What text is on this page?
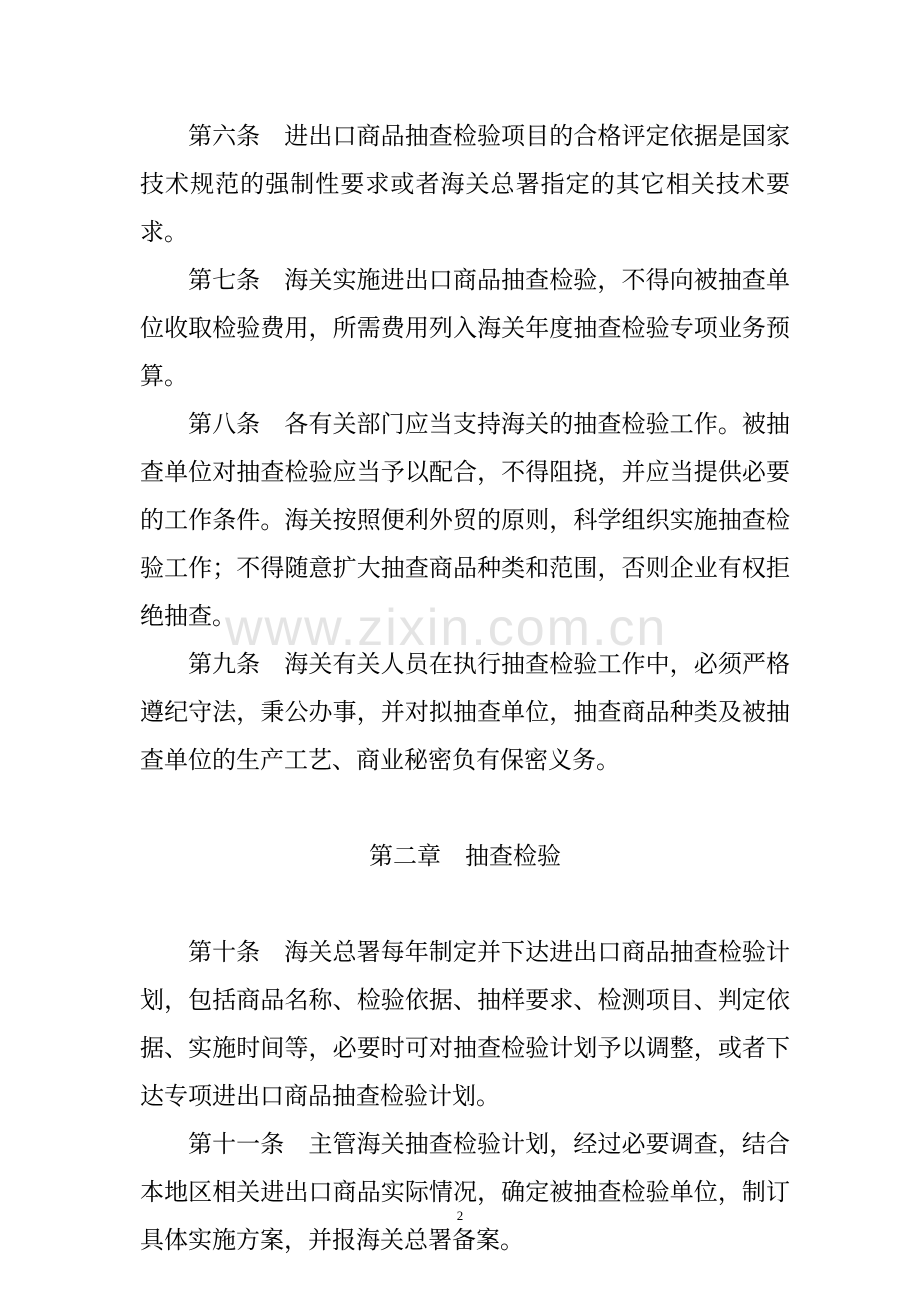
www.zixin.com.cn

第六条 进出口商品抽查检验项目的合格评定依据是国家技术规范的强制性要求或者海关总署指定的其它相关技术要求。

第七条 海关实施进出口商品抽查检验，不得向被抽查单位收取检验费用，所需费用列入海关年度抽查检验专项业务预算。

第八条 各有关部门应当支持海关的抽查检验工作。被抽查单位对抽查检验应当予以配合，不得阻挠，并应当提供必要的工作条件。海关按照便利外贸的原则，科学组织实施抽查检验工作；不得随意扩大抽查商品种类和范围，否则企业有权拒绝抽查。

第九条 海关有关人员在执行抽查检验工作中，必须严格遵纪守法，秉公办事，并对拟抽查单位，抽查商品种类及被抽查单位的生产工艺、商业秘密负有保密义务。

第二章 抽查检验

第十条 海关总署每年制定并下达进出口商品抽查检验计划，包括商品名称、检验依据、抽样要求、检测项目、判定依据、实施时间等，必要时可对抽查检验计划予以调整，或者下达专项进出口商品抽查检验计划。

第十一条 主管海关抽查检验计划，经过必要调查，结合本地区相关进出口商品实际情况，确定被抽查检验单位，制订具体实施方案，并报海关总署备案。

2
